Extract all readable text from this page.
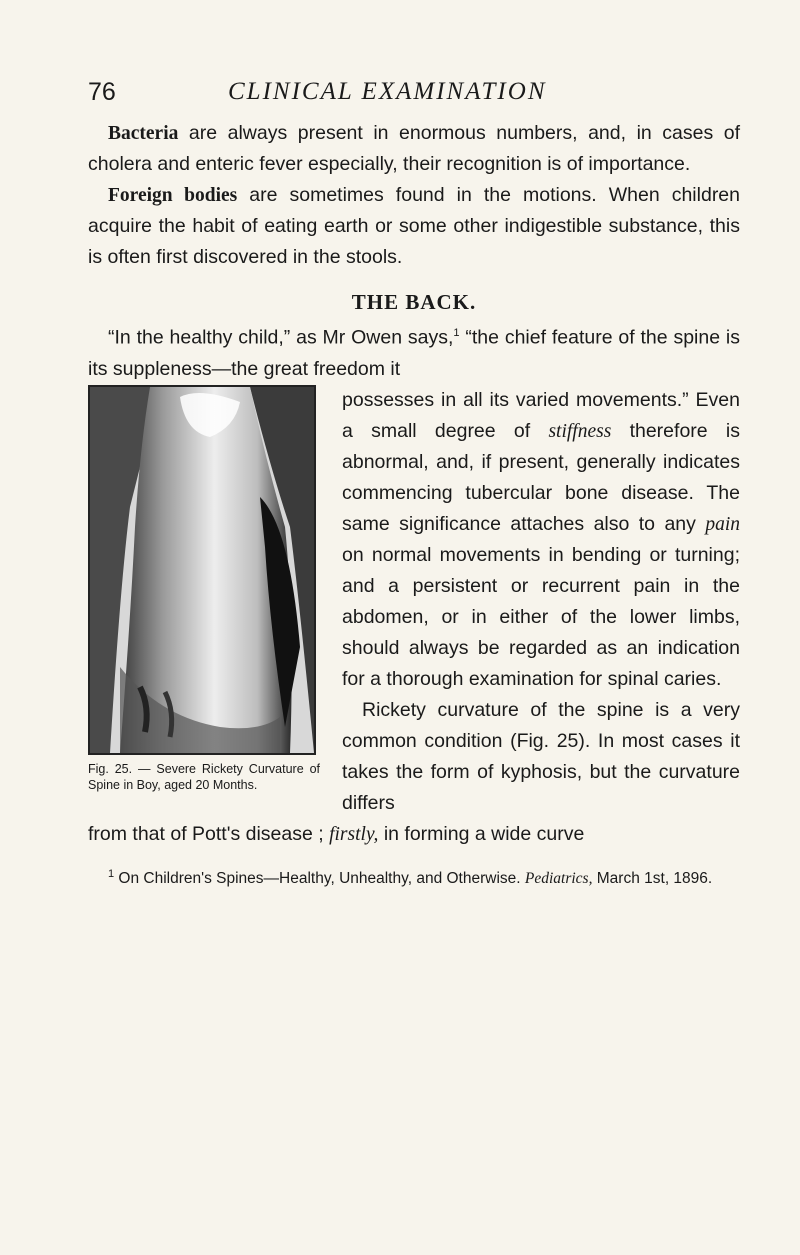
76	CLINICAL EXAMINATION

Bacteria are always present in enormous numbers, and, in cases of cholera and enteric fever especially, their recognition is of importance.

Foreign bodies are sometimes found in the motions. When children acquire the habit of eating earth or some other indigestible substance, this is often first discovered in the stools.

THE BACK.

“In the healthy child,” as Mr Owen says,$^1$ “the chief feature of the spine is its suppleness—the great freedom it

Fig. 25. — Severe Rickety Curvature of Spine in Boy, aged 20 Months.

possesses in all its varied movements.” Even a small degree of stiffness therefore is abnormal, and, if present, generally indicates commencing tubercular bone disease. The same significance attaches also to any pain on normal movements in bending or turning; and a persistent or recurrent pain in the abdomen, or in either of the lower limbs, should always be regarded as an indication for a thorough examination for spinal caries.

Rickety curvature of the spine is a very common condition (Fig. 25). In most cases it takes the form of kyphosis, but the curvature differs

from that of Pott's disease ; firstly, in forming a wide curve

$^1$ On Children's Spines—Healthy, Unhealthy, and Otherwise. Pediatrics, March 1st, 1896.
